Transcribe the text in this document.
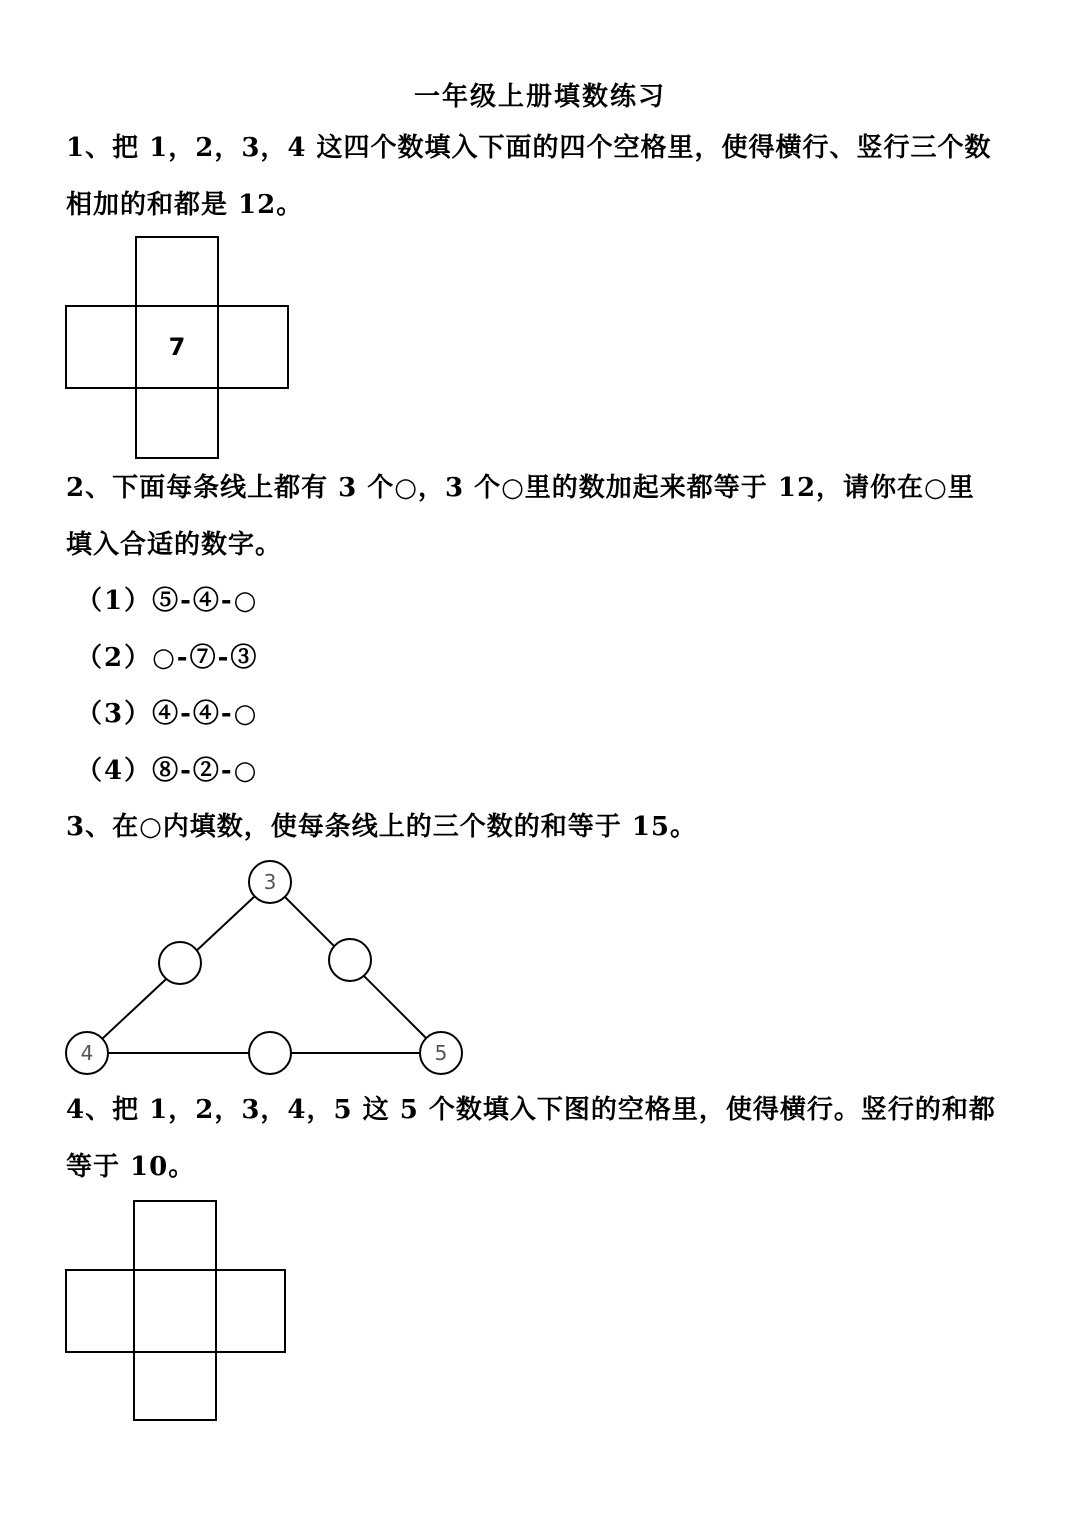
一年级上册填数练习
1、把 1，2，3，4 这四个数填入下面的四个空格里，使得横行、竖行三个数
相加的和都是 12。
7
2、下面每条线上都有 3 个○，3 个○里的数加起来都等于 12，请你在○里
填入合适的数字。
（1）⑤-④-○
（2）○-⑦-③
（3）④-④-○
（4）⑧-②-○
3、在○内填数，使每条线上的三个数的和等于 15。
3
4	5
4、把 1，2，3，4，5 这 5 个数填入下图的空格里，使得横行。竖行的和都
等于 10。
